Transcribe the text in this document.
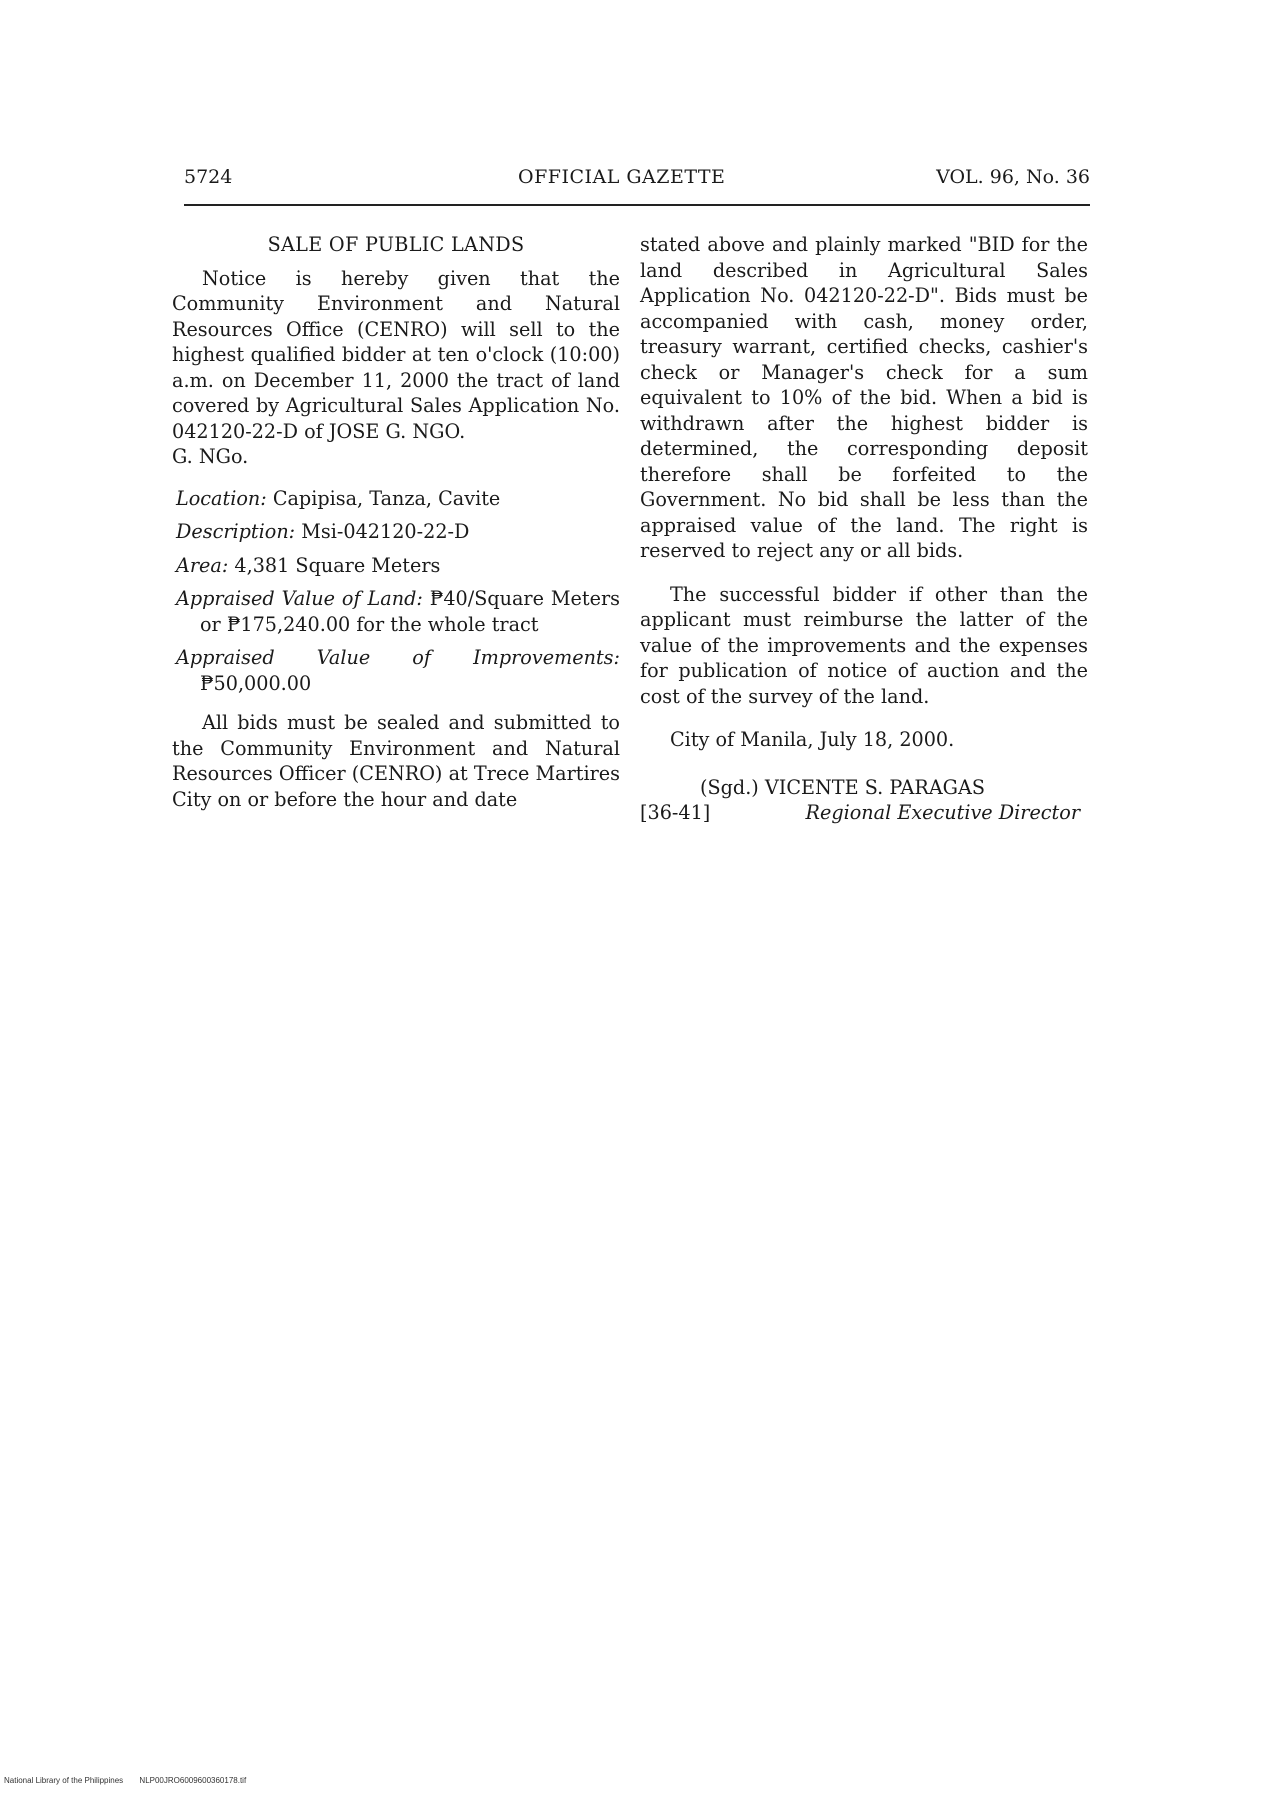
5724	OFFICIAL GAZETTE	VOL. 96, No. 36
SALE OF PUBLIC LANDS

Notice is hereby given that the Community Environment and Natural Resources Office (CENRO) will sell to the highest qualified bidder at ten o'clock (10:00) a.m. on December 11, 2000 the tract of land covered by Agricultural Sales Application No. 042120-22-D of JOSE G. NGO.

G. NGo.

Location: Capipisa, Tanza, Cavite

Description: Msi-042120-22-D

Area: 4,381 Square Meters

Appraised Value of Land: ₱40/Square Meters or ₱175,240.00 for the whole tract

Appraised Value of Improvements: ₱50,000.00

All bids must be sealed and submitted to the Community Environment and Natural Resources Officer (CENRO) at Trece Martires City on or before the hour and date

stated above and plainly marked "BID for the land described in Agricultural Sales Application No. 042120-22-D". Bids must be accompanied with cash, money order, treasury warrant, certified checks, cashier's check or Manager's check for a sum equivalent to 10% of the bid. When a bid is withdrawn after the highest bidder is determined, the corresponding deposit therefore shall be forfeited to the Government. No bid shall be less than the appraised value of the land. The right is reserved to reject any or all bids.

The successful bidder if other than the applicant must reimburse the latter of the value of the improvements and the expenses for publication of notice of auction and the cost of the survey of the land.

City of Manila, July 18, 2000.

(Sgd.) VICENTE S. PARAGAS
[36-41]	Regional Executive Director
National Library of the Philippines NLP00JRO6009600360178.tif
